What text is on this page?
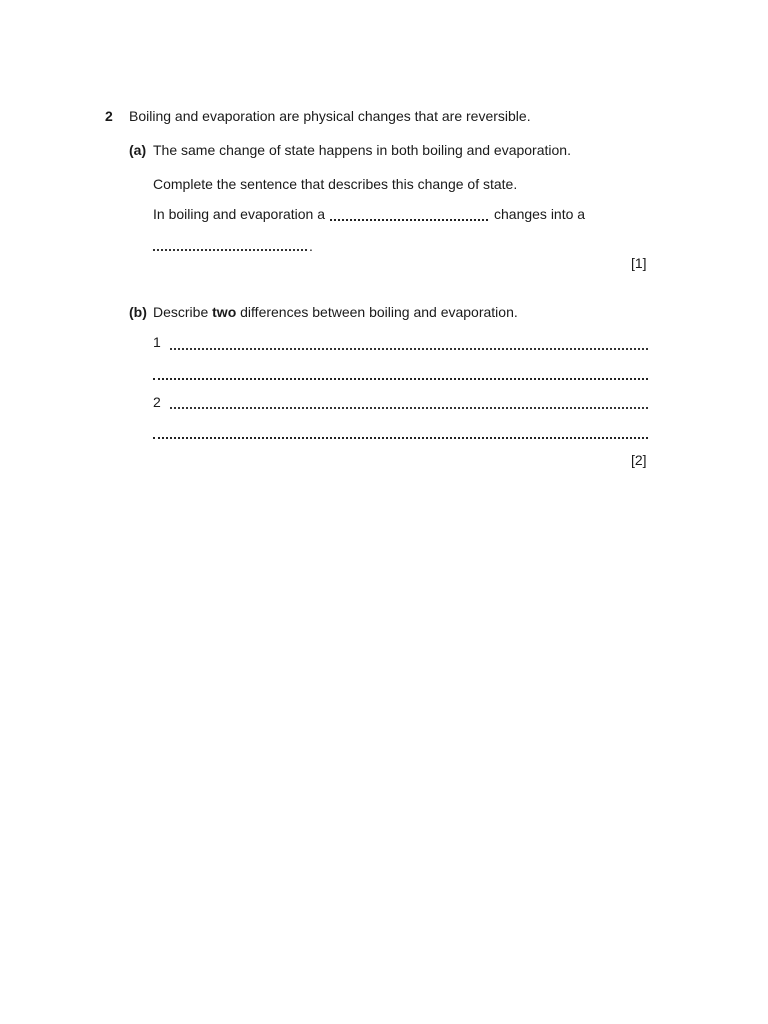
2 Boiling and evaporation are physical changes that are reversible.
(a) The same change of state happens in both boiling and evaporation.
Complete the sentence that describes this change of state.
In boiling and evaporation a	changes into a
.
[1]
(b) Describe two differences between boiling and evaporation.
1
2
[2]
